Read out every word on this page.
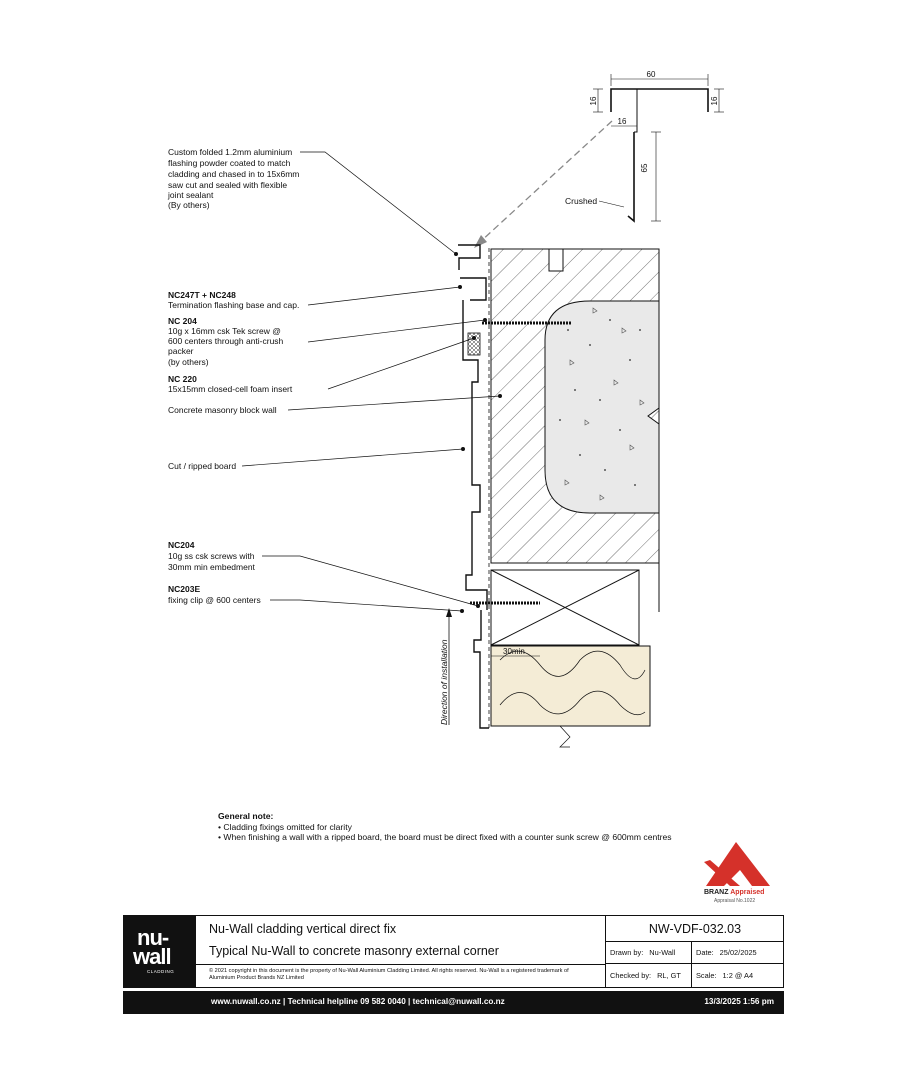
60
16	16
16
65
30min
Direction of installation
Crushed
Custom folded 1.2mm aluminium flashing powder coated to match cladding and chased in to 15x6mm saw cut and sealed with flexible joint sealant (By others)
NC247T + NC248
Termination flashing base and cap.
NC 204
10g x 16mm csk Tek screw @ 600 centers through anti-crush packer (by others)
NC 220
15x15mm closed-cell foam insert
Concrete masonry block wall
Cut / ripped board
NC204
10g ss csk screws with 30mm min embedment
NC203E
fixing clip @ 600 centers
General note:
• Cladding fixings omitted for clarity
• When finishing a wall with a ripped board, the board must be direct fixed with a counter sunk screw @ 600mm centres
BRANZ Appraised
Appraisal No.1022
nu-
wall
CLADDING
Nu-Wall cladding vertical direct fix
Typical Nu-Wall to concrete masonry external corner
© 2021 copyright in this document is the property of Nu-Wall Aluminium Cladding Limited. All rights reserved. Nu-Wall is a registered trademark of Aluminium Product Brands NZ Limited
NW-VDF-032.03
Drawn by: Nu-Wall	Date: 25/02/2025
Checked by: RL, GT	Scale: 1:2 @ A4
www.nuwall.co.nz | Technical helpline 09 582 0040 | technical@nuwall.co.nz	13/3/2025 1:56 pm
